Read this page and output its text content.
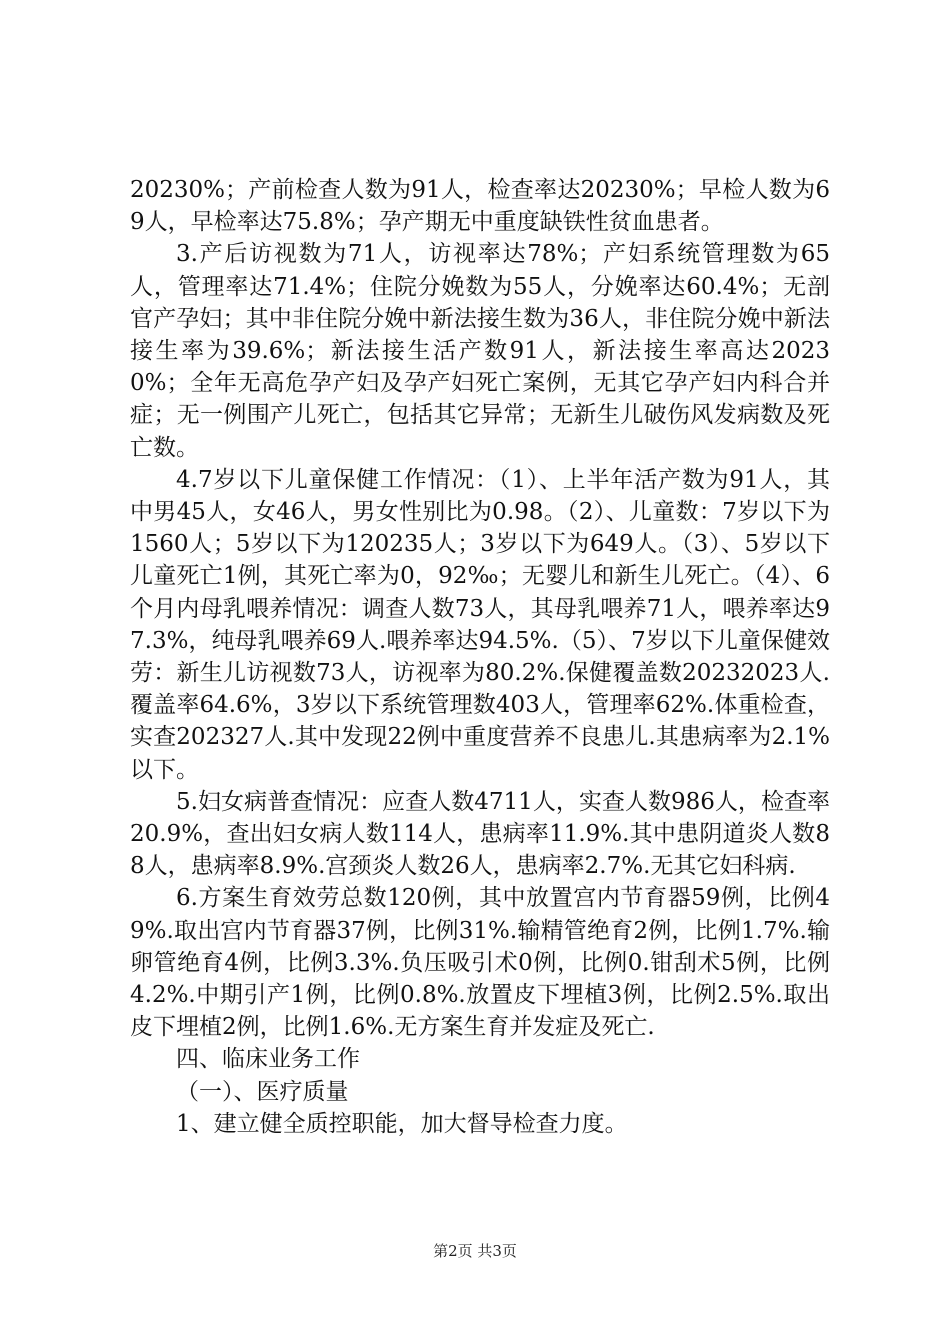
20230%；产前检查人数为91人，检查率达20230%；早检人数为69人，早检率达75.8%；孕产期无中重度缺铁性贫血患者。

3.产后访视数为71人，访视率达78%；产妇系统管理数为65人，管理率达71.4%；住院分娩数为55人，分娩率达60.4%；无剖官产孕妇；其中非住院分娩中新法接生数为36人，非住院分娩中新法接生率为39.6%；新法接生活产数91人，新法接生率高达20230%；全年无高危孕产妇及孕产妇死亡案例，无其它孕产妇内科合并症；无一例围产儿死亡，包括其它异常；无新生儿破伤风发病数及死亡数。

4.7岁以下儿童保健工作情况：（1）、上半年活产数为91人，其中男45人，女46人，男女性别比为0.98。（2）、儿童数：7岁以下为1560人；5岁以下为120235人；3岁以下为649人。（3）、5岁以下儿童死亡1例，其死亡率为0，92‰；无婴儿和新生儿死亡。（4）、6个月内母乳喂养情况：调查人数73人，其母乳喂养71人，喂养率达97.3%，纯母乳喂养69人.喂养率达94.5%.（5）、7岁以下儿童保健效劳：新生儿访视数73人，访视率为80.2%.保健覆盖数20232023人.覆盖率64.6%，3岁以下系统管理数403人，管理率62%.体重检查，实查202327人.其中发现22例中重度营养不良患儿.其患病率为2.1%以下。

5.妇女病普查情况：应查人数4711人，实查人数986人，检查率20.9%，查出妇女病人数114人，患病率11.9%.其中患阴道炎人数88人，患病率8.9%.宫颈炎人数26人，患病率2.7%.无其它妇科病.

6.方案生育效劳总数120例，其中放置宫内节育器59例，比例49%.取出宫内节育器37例，比例31%.输精管绝育2例，比例1.7%.输卵管绝育4例，比例3.3%.负压吸引术0例，比例0.钳刮术5例，比例4.2%.中期引产1例，比例0.8%.放置皮下埋植3例，比例2.5%.取出皮下埋植2例，比例1.6%.无方案生育并发症及死亡.

四、临床业务工作

（一）、医疗质量

1、建立健全质控职能，加大督导检查力度。

第2页 共3页
